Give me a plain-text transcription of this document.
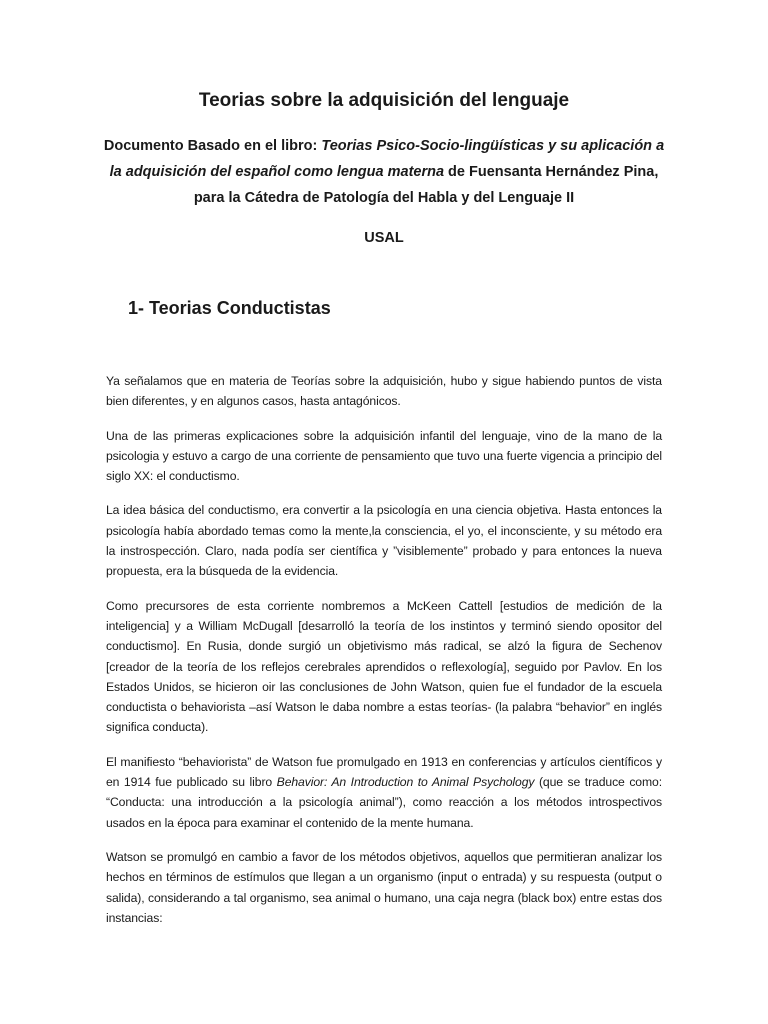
Teorias sobre la adquisición del lenguaje

Documento Basado en el libro: Teorias Psico-Socio-lingüísticas y su aplicación a la adquisición del español como lengua materna de Fuensanta Hernández Pina, para la Cátedra de Patología del Habla y del Lenguaje II

USAL

1- Teorias Conductistas

Ya señalamos que en materia de Teorías sobre la adquisición, hubo y sigue habiendo puntos de vista bien diferentes, y en algunos casos, hasta antagónicos.

Una de las primeras explicaciones sobre la adquisición infantil del lenguaje, vino de la mano de la psicologia y estuvo a cargo de una corriente de pensamiento que tuvo una fuerte vigencia a principio del siglo XX: el conductismo.

La idea básica del conductismo, era convertir a la psicología en una ciencia objetiva. Hasta entonces la psicología había abordado temas como la mente,la consciencia, el yo, el inconsciente, y su método era la instrospección. Claro, nada podía ser científica y ”visiblemente” probado y para entonces la nueva propuesta, era la búsqueda de la evidencia.

Como precursores de esta corriente nombremos a McKeen Cattell [estudios de medición de la inteligencia] y a William McDugall [desarrolló la teoría de los instintos y terminó siendo opositor del conductismo]. En Rusia, donde surgió un objetivismo más radical, se alzó la figura de Sechenov [creador de la teoría de los reflejos cerebrales aprendidos o reflexología], seguido por Pavlov. En los Estados Unidos, se hicieron oir las conclusiones de John Watson, quien fue el fundador de la escuela conductista o behaviorista –así Watson le daba nombre a estas teorías- (la palabra “behavior” en inglés significa conducta).

El manifiesto “behaviorista” de Watson fue promulgado en 1913 en conferencias y artículos científicos y en 1914 fue publicado su libro Behavior: An Introduction to Animal Psychology (que se traduce como: “Conducta: una introducción a la psicología animal”), como reacción a los métodos introspectivos usados en la época para examinar el contenido de la mente humana.

Watson se promulgó en cambio a favor de los métodos objetivos, aquellos que permitieran analizar los hechos en términos de estímulos que llegan a un organismo (input o entrada) y su respuesta (output o salida), considerando a tal organismo, sea animal o humano, una caja negra (black box) entre estas dos instancias:
